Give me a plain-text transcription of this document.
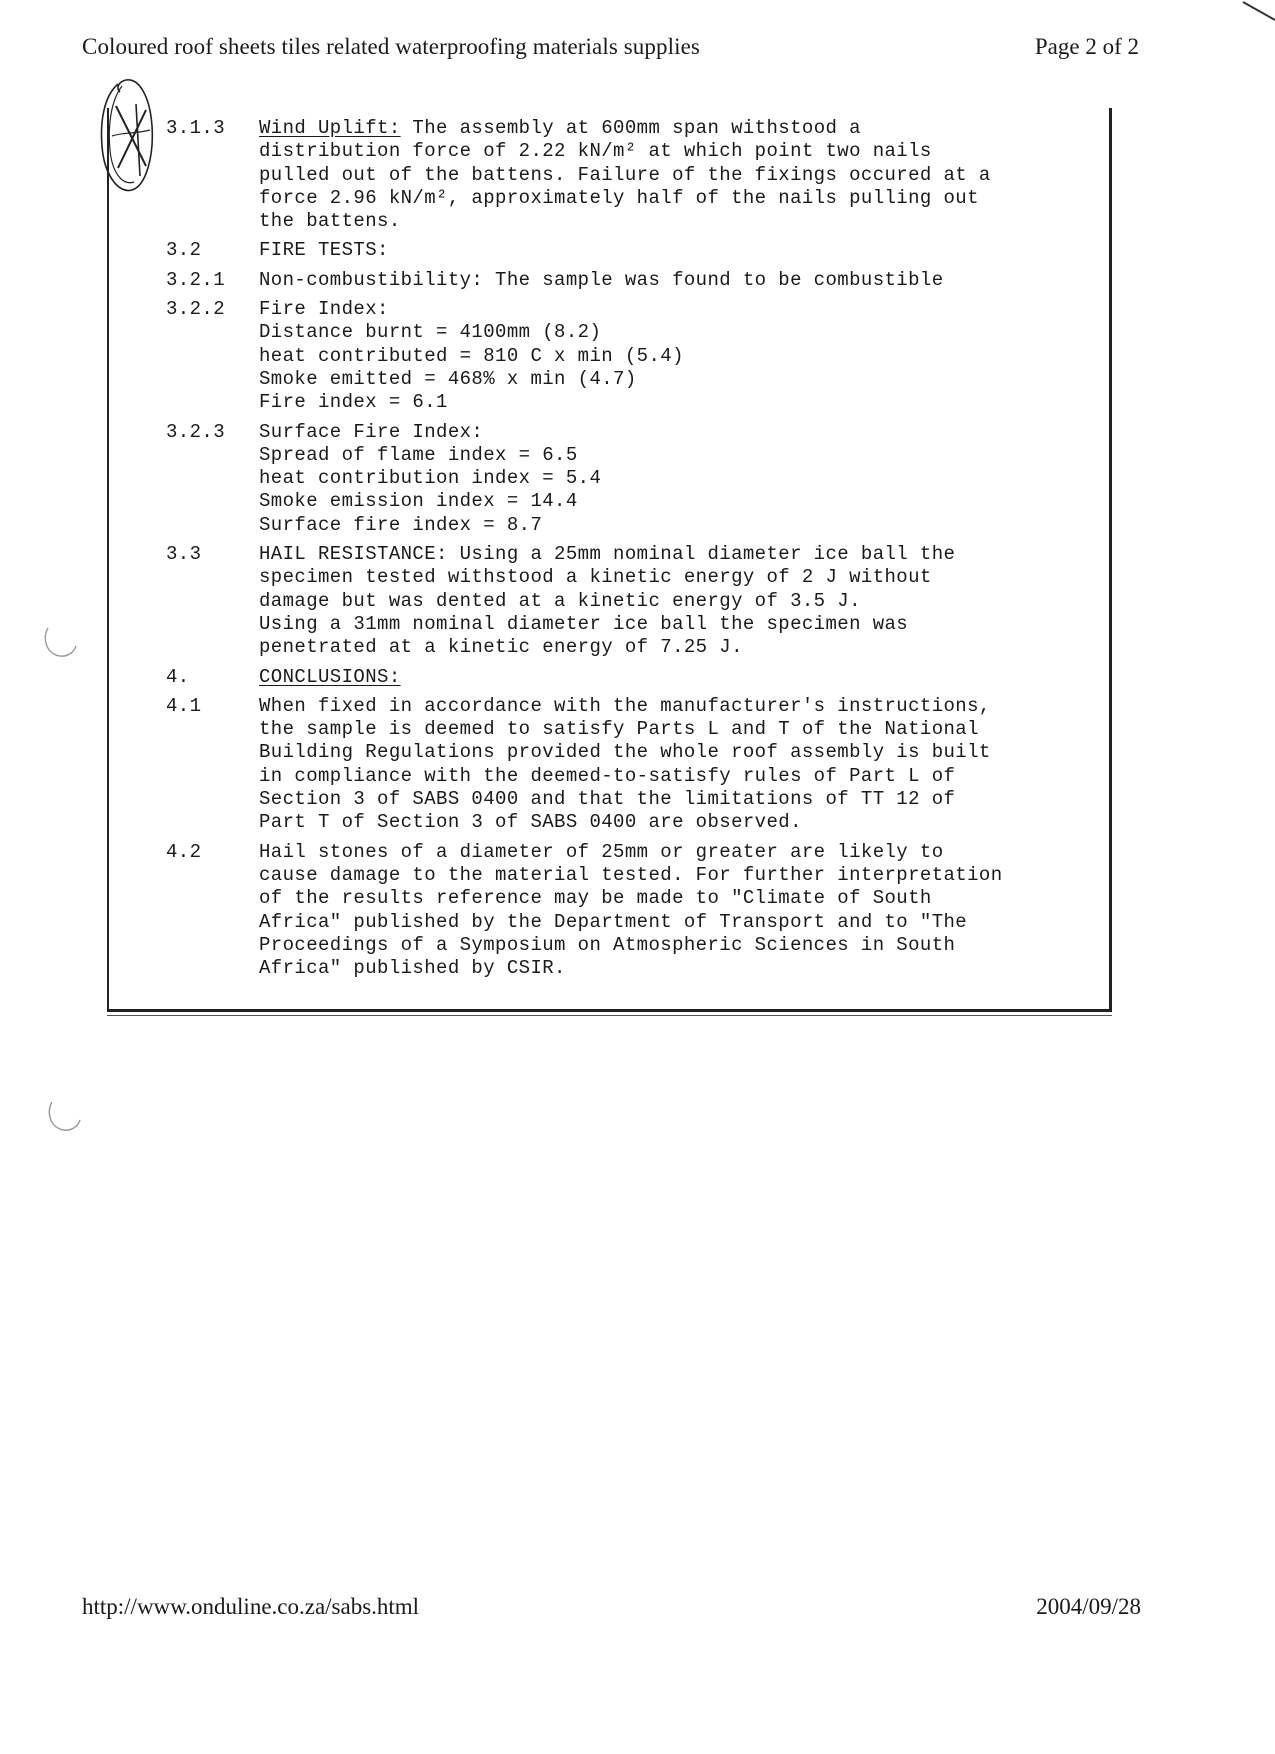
Coloured roof sheets tiles related waterproofing materials supplies	Page 2 of 2
3.1.3	Wind Uplift: The assembly at 600mm span withstood a
distribution force of 2.22 kN/m² at which point two nails
pulled out of the battens. Failure of the fixings occured at a
force 2.96 kN/m², approximately half of the nails pulling out
the battens.
3.2	FIRE TESTS:
3.2.1	Non-combustibility: The sample was found to be combustible
3.2.2	Fire Index:
Distance burnt = 4100mm (8.2)
heat contributed = 810 C x min (5.4)
Smoke emitted = 468% x min (4.7)
Fire index = 6.1
3.2.3	Surface Fire Index:
Spread of flame index = 6.5
heat contribution index = 5.4
Smoke emission index = 14.4
Surface fire index = 8.7
3.3	HAIL RESISTANCE: Using a 25mm nominal diameter ice ball the
specimen tested withstood a kinetic energy of 2 J without
damage but was dented at a kinetic energy of 3.5 J.
Using a 31mm nominal diameter ice ball the specimen was
penetrated at a kinetic energy of 7.25 J.
4.	CONCLUSIONS:
4.1	When fixed in accordance with the manufacturer's instructions,
the sample is deemed to satisfy Parts L and T of the National
Building Regulations provided the whole roof assembly is built
in compliance with the deemed-to-satisfy rules of Part L of
Section 3 of SABS 0400 and that the limitations of TT 12 of
Part T of Section 3 of SABS 0400 are observed.
4.2	Hail stones of a diameter of 25mm or greater are likely to
cause damage to the material tested. For further interpretation
of the results reference may be made to "Climate of South
Africa" published by the Department of Transport and to "The
Proceedings of a Symposium on Atmospheric Sciences in South
Africa" published by CSIR.
http://www.onduline.co.za/sabs.html	2004/09/28
